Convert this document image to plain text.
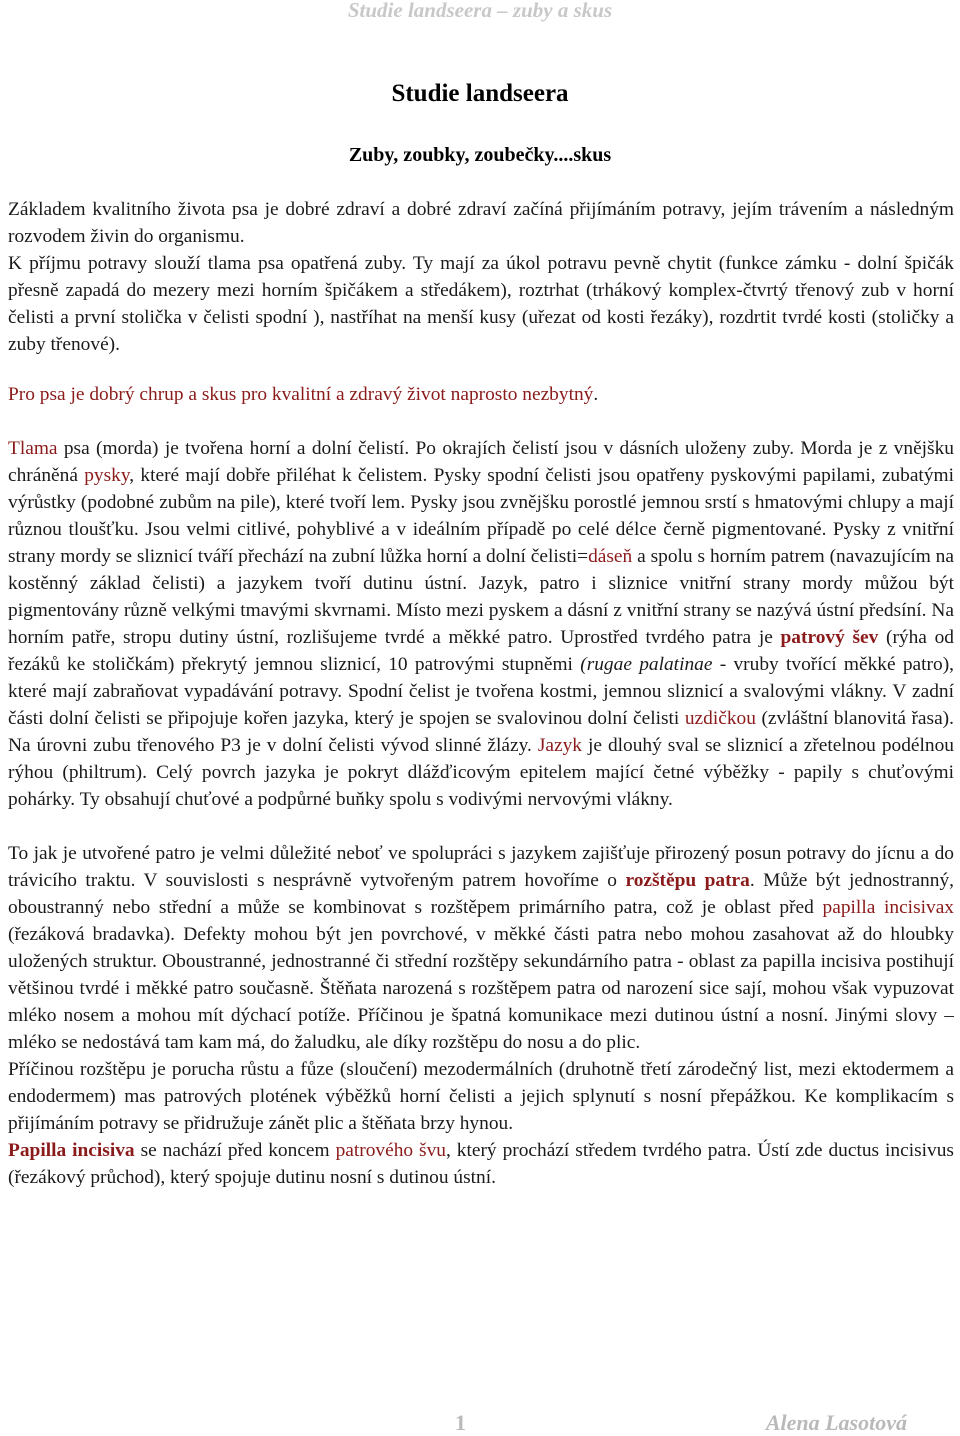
Studie landseera – zuby a skus
Studie landseera
Zuby, zoubky, zoubečky....skus

Základem kvalitního života psa je dobré zdraví a dobré zdraví začíná přijímáním potravy, jejím trávením a následným rozvodem živin do organismu.

K příjmu potravy slouží tlama psa opatřená zuby. Ty mají za úkol potravu pevně chytit (funkce zámku - dolní špičák přesně zapadá do mezery mezi horním špičákem a středákem), roztrhat (trhákový komplex-čtvrtý třenový zub v horní čelisti a první stolička v čelisti spodní ), nastříhat na menší kusy (uřezat od kosti řezáky), rozdrtit tvrdé kosti (stoličky a zuby třenové).

Pro psa je dobrý chrup a skus pro kvalitní a zdravý život naprosto nezbytný.

Tlama psa (morda) je tvořena horní a dolní čelistí. Po okrajích čelistí jsou v dásních uloženy zuby. Morda je z vnějšku chráněná pysky, které mají dobře přiléhat k čelistem. Pysky spodní čelisti jsou opatřeny pyskovými papilami, zubatými výrůstky (podobné zubům na pile), které tvoří lem. Pysky jsou zvnějšku porostlé jemnou srstí s hmatovými chlupy a mají různou tloušťku. Jsou velmi citlivé, pohyblivé a v ideálním případě po celé délce černě pigmentované. Pysky z vnitřní strany mordy se sliznicí tváří přechází na zubní lůžka horní a dolní čelisti=dáseň a spolu s horním patrem (navazujícím na kostěnný základ čelisti) a jazykem tvoří dutinu ústní. Jazyk, patro i sliznice vnitřní strany mordy můžou být pigmentovány různě velkými tmavými skvrnami. Místo mezi pyskem a dásní z vnitřní strany se nazývá ústní předsíní. Na horním patře, stropu dutiny ústní, rozlišujeme tvrdé a měkké patro. Uprostřed tvrdého patra je patrový šev (rýha od řezáků ke stoličkám) překrytý jemnou sliznicí, 10 patrovými stupněmi (rugae palatinae - vruby tvořící měkké patro), které mají zabraňovat vypadávání potravy. Spodní čelist je tvořena kostmi, jemnou sliznicí a svalovými vlákny. V zadní části dolní čelisti se připojuje kořen jazyka, který je spojen se svalovinou dolní čelisti uzdičkou (zvláštní blanovitá řasa). Na úrovni zubu třenového P3 je v dolní čelisti vývod slinné žlázy. Jazyk je dlouhý sval se sliznicí a zřetelnou podélnou rýhou (philtrum). Celý povrch jazyka je pokryt dlážďicovým epitelem mající četné výběžky - papily s chuťovými pohárky. Ty obsahují chuťové a podpůrné buňky spolu s vodivými nervovými vlákny.

To jak je utvořené patro je velmi důležité neboť ve spolupráci s jazykem zajišťuje přirozený posun potravy do jícnu a do trávicího traktu. V souvislosti s nesprávně vytvořeným patrem hovoříme o rozštěpu patra. Může být jednostranný, oboustranný nebo střední a může se kombinovat s rozštěpem primárního patra, což je oblast před papilla incisivax (řezáková bradavka). Defekty mohou být jen povrchové, v měkké části patra nebo mohou zasahovat až do hloubky uložených struktur. Oboustranné, jednostranné či střední rozštěpy sekundárního patra - oblast za papilla incisiva postihují většinou tvrdé i měkké patro současně. Štěňata narozená s rozštěpem patra od narození sice sají, mohou však vypuzovat mléko nosem a mohou mít dýchací potíže. Příčinou je špatná komunikace mezi dutinou ústní a nosní. Jinými slovy – mléko se nedostává tam kam má, do žaludku, ale díky rozštěpu do nosu a do plic.

Příčinou rozštěpu je porucha růstu a fůze (sloučení) mezodermálních (druhotně třetí zárodečný list, mezi ektodermem a endodermem) mas patrových plotének výběžků horní čelisti a jejich splynutí s nosní přepážkou. Ke komplikacím s přijímáním potravy se přidružuje zánět plic a štěňata brzy hynou.

Papilla incisiva se nachází před koncem patrového švu, který prochází středem tvrdého patra. Ústí zde ductus incisivus (řezákový průchod), který spojuje dutinu nosní s dutinou ústní.

1	Alena Lasotová
